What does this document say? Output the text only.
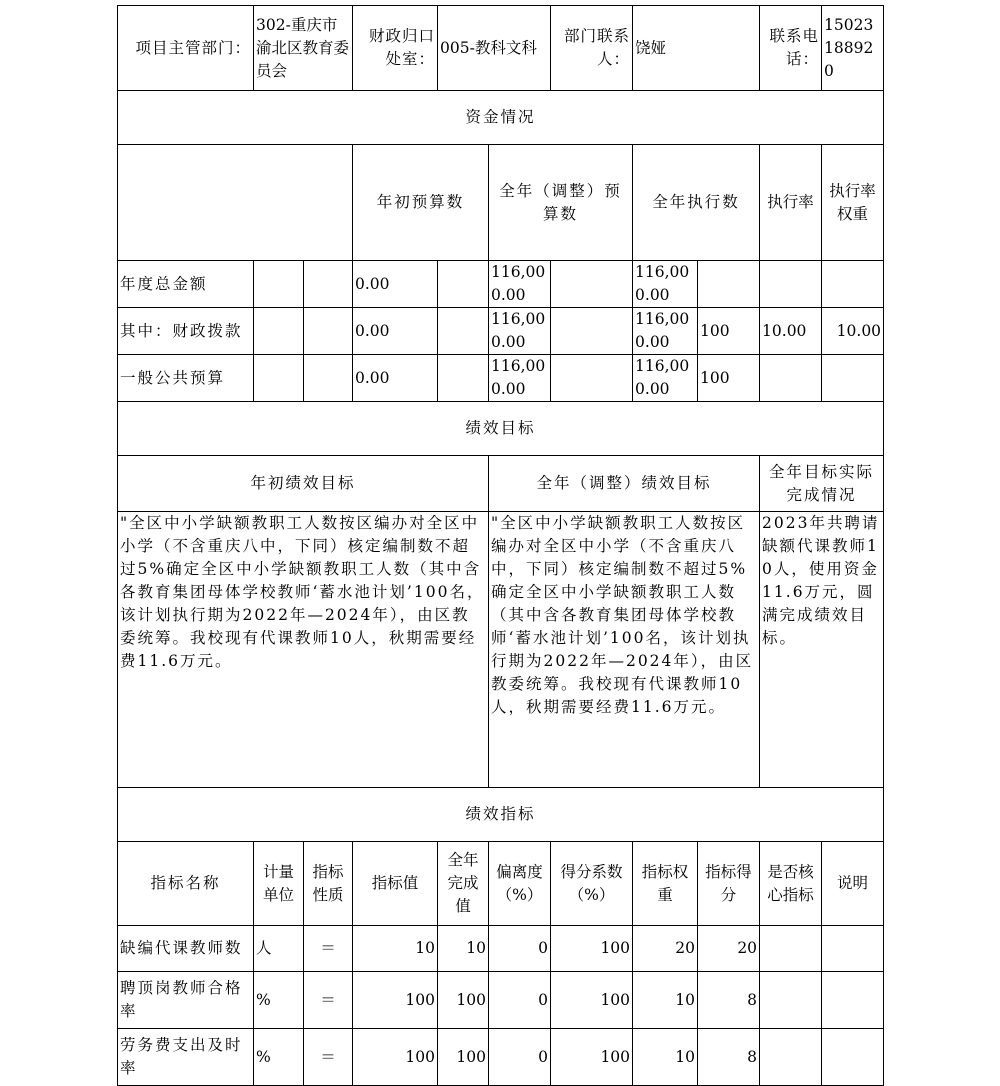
项目主管部门：	302-重庆市渝北区教育委员会		财政归口处室：	005-教科文科		部门联系人：	饶娅		联系电话：	15023188920	
资金情况											
			年初预算数		全年（调整）预算数		全年执行数		执行率	执行率权重	
年度总金额			0.00		116,000.00		116,000.00				
其中：财政拨款			0.00		116,000.00		116,000.00	100	10.00	10.00	
一般公共预算			0.00		116,000.00		116,000.00	100			
绩效目标											
年初绩效目标					全年（调整）绩效目标				全年目标实际完成情况		
"全区中小学缺额教职工人数按区编办对全区中小学（不含重庆八中，下同）核定编制数不超过5%确定全区中小学缺额教职工人数（其中含各教育集团母体学校教师‘蓄水池计划’100名，该计划执行期为2022年—2024年），由区教委统筹。我校现有代课教师10人，秋期需要经费11.6万元。					"全区中小学缺额教职工人数按区编办对全区中小学（不含重庆八中，下同）核定编制数不超过5%确定全区中小学缺额教职工人数（其中含各教育集团母体学校教师‘蓄水池计划’100名，该计划执行期为2022年—2024年），由区教委统筹。我校现有代课教师10人，秋期需要经费11.6万元。				2023年共聘请缺额代课教师10人，使用资金11.6万元，圆满完成绩效目标。		
绩效指标											
指标名称	计量单位	指标性质	指标值	全年完成值	偏离度（%）	得分系数（%）	指标权重	指标得分	是否核心指标	说明	
缺编代课教师数	人	＝	10	10	0	100	20	20			
聘顶岗教师合格率	%	＝	100	100	0	100	10	8			
劳务费支出及时率	%	＝	100	100	0	100	10	8			
